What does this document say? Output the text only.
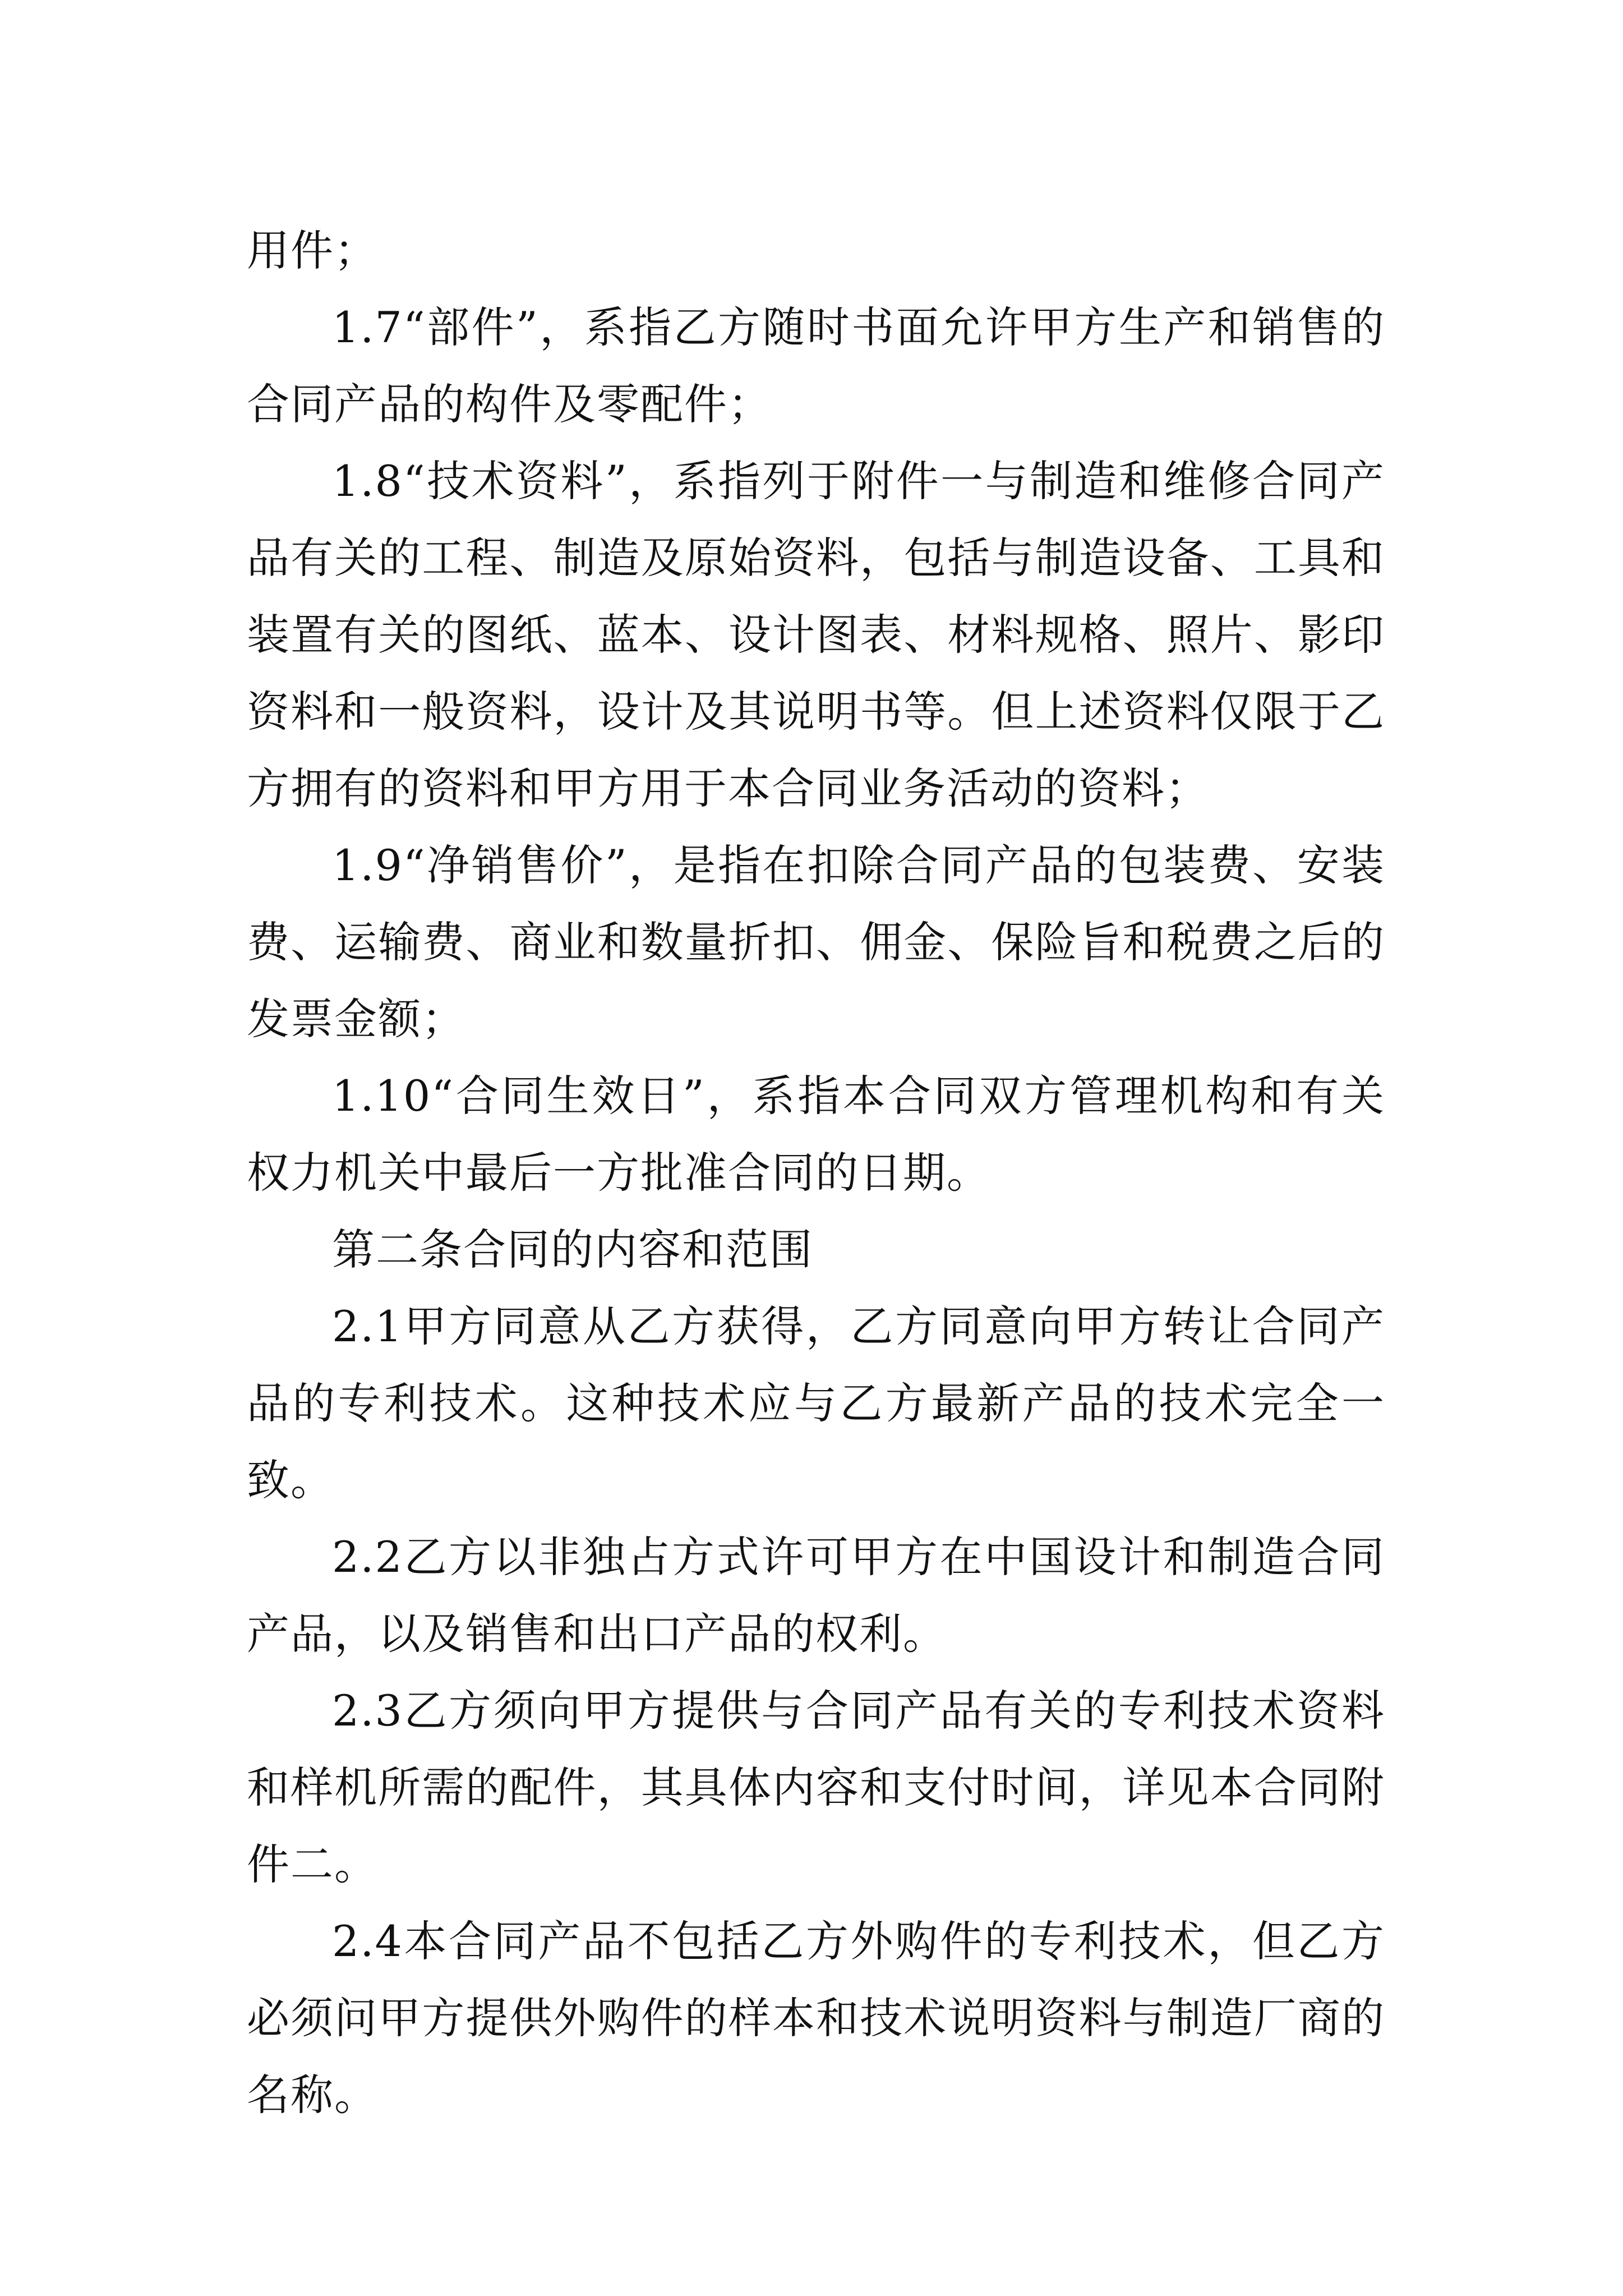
用件；

1.7“部件”，系指乙方随时书面允许甲方生产和销售的合同产品的构件及零配件；

1.8“技术资料”，系指列于附件一与制造和维修合同产品有关的工程、制造及原始资料，包括与制造设备、工具和装置有关的图纸、蓝本、设计图表、材料规格、照片、影印资料和一般资料，设计及其说明书等。但上述资料仅限于乙方拥有的资料和甲方用于本合同业务活动的资料；

1.9“净销售价”，是指在扣除合同产品的包装费、安装费、运输费、商业和数量折扣、佣金、保险旨和税费之后的发票金额；

1.10“合同生效日”，系指本合同双方管理机构和有关权力机关中最后一方批准合同的日期。

第二条合同的内容和范围

2.1甲方同意从乙方获得，乙方同意向甲方转让合同产品的专利技术。这种技术应与乙方最新产品的技术完全一致。

2.2乙方以非独占方式许可甲方在中国设计和制造合同产品，以及销售和出口产品的权利。

2.3乙方须向甲方提供与合同产品有关的专利技术资料和样机所需的配件，其具体内容和支付时间，详见本合同附件二。

2.4本合同产品不包括乙方外购件的专利技术，但乙方必须问甲方提供外购件的样本和技术说明资料与制造厂商的名称。
